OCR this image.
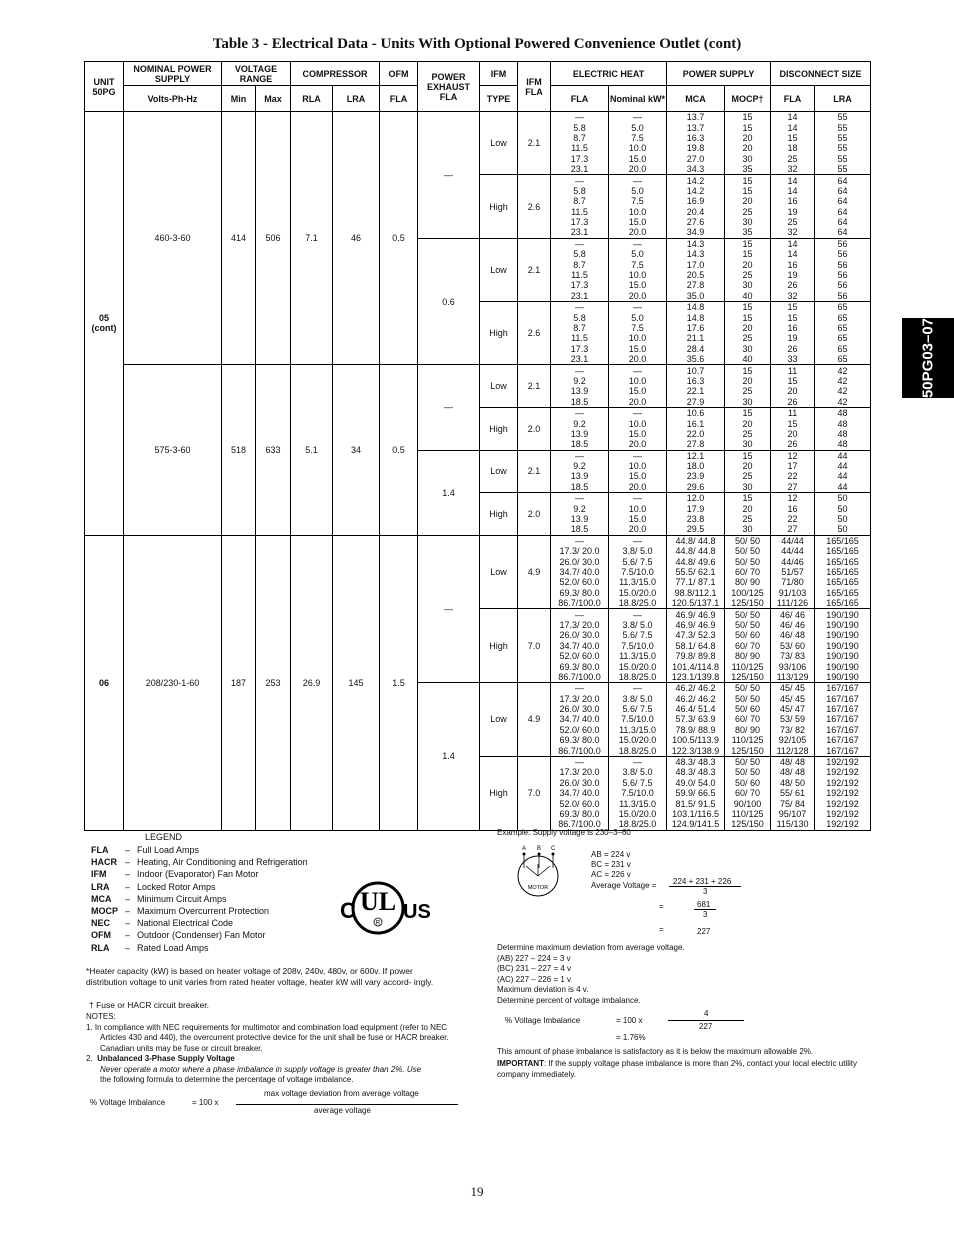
Table 3 - Electrical Data - Units With Optional Powered Convenience Outlet (cont)
UNIT 50PG	NOMINAL POWER SUPPLY	VOLTAGE RANGE		COMPRESSOR		OFM	POWER EXHAUST FLA	IFM	IFM FLA	ELECTRIC HEAT		POWER SUPPLY		DISCONNECT SIZE	
	Volts-Ph-Hz	Min	Max	RLA	LRA	FLA		TYPE		FLA	Nominal kW*	MCA	MOCP†	FLA	LRA
05
(cont)	460-3-60	414	506	7.1	46	0.5	—	Low	2.1	—	—	13.7	15	14	55
										5.8	5.0	13.7	15	14	55
										8.7	7.5	16.3	20	15	55
										11.5	10.0	19.8	20	18	55
										17.3	15.0	27.0	30	25	55
										23.1	20.0	34.3	35	32	55
								High	2.6	—	—	14.2	15	14	64
										5.8	5.0	14.2	15	14	64
										8.7	7.5	16.9	20	16	64
										11.5	10.0	20.4	25	19	64
										17.3	15.0	27.6	30	25	64
										23.1	20.0	34.9	35	32	64
							0.6	Low	2.1	—	—	14.3	15	14	56
										5.8	5.0	14.3	15	14	56
										8.7	7.5	17.0	20	16	56
										11.5	10.0	20.5	25	19	56
										17.3	15.0	27.8	30	26	56
										23.1	20.0	35.0	40	32	56
								High	2.6	—	—	14.8	15	15	65
										5.8	5.0	14.8	15	15	65
										8.7	7.5	17.6	20	16	65
										11.5	10.0	21.1	25	19	65
										17.3	15.0	28.4	30	26	65
										23.1	20.0	35.6	40	33	65
	575-3-60	518	633	5.1	34	0.5	—	Low	2.1	—	—	10.7	15	11	42
										9.2	10.0	16.3	20	15	42
										13.9	15.0	22.1	25	20	42
										18.5	20.0	27.9	30	26	42
								High	2.0	—	—	10.6	15	11	48
										9.2	10.0	16.1	20	15	48
										13.9	15.0	22.0	25	20	48
										18.5	20.0	27.8	30	26	48
							1.4	Low	2.1	—	—	12.1	15	12	44
										9.2	10.0	18.0	20	17	44
										13.9	15.0	23.9	25	22	44
										18.5	20.0	29.6	30	27	44
								High	2.0	—	—	12.0	15	12	50
										9.2	10.0	17.9	20	16	50
										13.9	15.0	23.8	25	22	50
										18.5	20.0	29.5	30	27	50
06	208/230-1-60	187	253	26.9	145	1.5	—	Low	4.9	—	—	44.8/ 44.8	50/ 50	44/44	165/165
										17.3/ 20.0	3.8/ 5.0	44.8/ 44.8	50/ 50	44/44	165/165
										26.0/ 30.0	5.6/ 7.5	44.8/ 49.6	50/ 50	44/46	165/165
										34.7/ 40.0	7.5/10.0	55.5/ 62.1	60/ 70	51/57	165/165
										52.0/ 60.0	11.3/15.0	77.1/ 87.1	80/ 90	71/80	165/165
										69.3/ 80.0	15.0/20.0	98.8/112.1	100/125	91/103	165/165
										86.7/100.0	18.8/25.0	120.5/137.1	125/150	111/126	165/165
								High	7.0	—	—	46.9/ 46.9	50/ 50	46/ 46	190/190
										17.3/ 20.0	3.8/ 5.0	46.9/ 46.9	50/ 50	46/ 46	190/190
										26.0/ 30.0	5.6/ 7.5	47.3/ 52.3	50/ 60	46/ 48	190/190
										34.7/ 40.0	7.5/10.0	58.1/ 64.8	60/ 70	53/ 60	190/190
										52.0/ 60.0	11.3/15.0	79.8/ 89.8	80/ 90	73/ 83	190/190
										69.3/ 80.0	15.0/20.0	101.4/114.8	110/125	93/106	190/190
										86.7/100.0	18.8/25.0	123.1/139.8	125/150	113/129	190/190
							1.4	Low	4.9	—	—	46.2/ 46.2	50/ 50	45/ 45	167/167
										17.3/ 20.0	3.8/ 5.0	46.2/ 46.2	50/ 50	45/ 45	167/167
										26.0/ 30.0	5.6/ 7.5	46.4/ 51.4	50/ 60	45/ 47	167/167
										34.7/ 40.0	7.5/10.0	57.3/ 63.9	60/ 70	53/ 59	167/167
										52.0/ 60.0	11.3/15.0	78.9/ 88.9	80/ 90	73/ 82	167/167
										69.3/ 80.0	15.0/20.0	100.5/113.9	110/125	92/105	167/167
										86.7/100.0	18.8/25.0	122.3/138.9	125/150	112/128	167/167
								High	7.0	—	—	48.3/ 48.3	50/ 50	48/ 48	192/192
										17.3/ 20.0	3.8/ 5.0	48.3/ 48.3	50/ 50	48/ 48	192/192
										26.0/ 30.0	5.6/ 7.5	49.0/ 54.0	50/ 60	48/ 50	192/192
										34.7/ 40.0	7.5/10.0	59.9/ 66.5	60/ 70	55/ 61	192/192
										52.0/ 60.0	11.3/15.0	81.5/ 91.5	90/100	75/ 84	192/192
										69.3/ 80.0	15.0/20.0	103.1/116.5	110/125	95/107	192/192
										86.7/100.0	18.8/25.0	124.9/141.5	125/150	115/130	192/192
50PG03–07
LEGEND
FLA	– Full Load Amps
HACR – Heating, Air Conditioning and Refrigeration
IFM	– Indoor (Evaporator) Fan Motor
LRA	– Locked Rotor Amps
MCA	– Minimum Circuit Amps
MOCP – Maximum Overcurrent Protection
NEC	– National Electrical Code
OFM	– Outdoor (Condenser) Fan Motor
RLA	– Rated Load Amps
C UL
R
US
*Heater capacity (kW) is based on heater voltage of 208v, 240v, 480v, or 600v. If power distribution voltage to unit varies from rated heater voltage, heater kW will vary accord- ingly.
† Fuse or HACR circuit breaker.

NOTES:

1. In compliance with NEC requirements for multimotor and combination load equipment (refer to NEC Articles 430 and 440), the overcurrent protective device for the unit shall be fuse or HACR breaker. Canadian units may be fuse or circuit breaker.

2. Unbalanced 3-Phase Supply Voltage

Never operate a motor where a phase imbalance in supply voltage is greater than 2%. Use

the following formula to determine the percentage of voltage imbalance.

% Voltage Imbalance	= 100 x
max voltage deviation from average voltage
average voltage
Example: Supply voltage is 230–3–60
A B C
MOTOR
AB = 224 v
BC = 231 v
AC = 226 v
Average Voltage = 224 + 231 + 226
3
=	681
3
=	227
Determine maximum deviation from average voltage.
(AB) 227 – 224 = 3 v
(BC) 231 – 227 = 4 v
(AC) 227 – 226 = 1 v
Maximum deviation is 4 v.
Determine percent of voltage imbalance.
% Voltage Imbalance	= 100 x
4
227
= 1.76%
This amount of phase imbalance is satisfactory as it is below the maximum allowable 2%.
IMPORTANT: If the supply voltage phase imbalance is more than 2%, contact your local electric utility company immediately.
19
